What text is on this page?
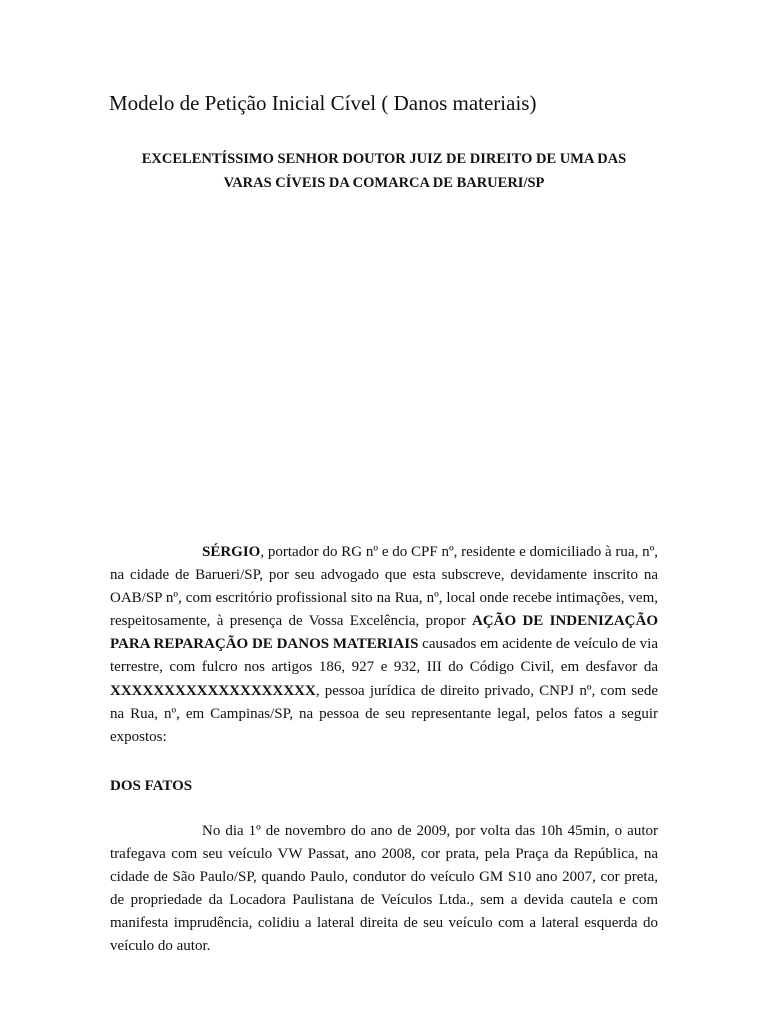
Modelo de Petição Inicial Cível ( Danos materiais)

EXCELENTÍSSIMO SENHOR DOUTOR JUIZ DE DIREITO DE UMA DAS
VARAS CÍVEIS DA COMARCA DE BARUERI/SP

SÉRGIO, portador do RG nº e do CPF nº, residente e domiciliado à rua, nº, na cidade de Barueri/SP, por seu advogado que esta subscreve, devidamente inscrito na OAB/SP nº, com escritório profissional sito na Rua, nº, local onde recebe intimações, vem, respeitosamente, à presença de Vossa Excelência, propor AÇÃO DE INDENIZAÇÃO PARA REPARAÇÃO DE DANOS MATERIAIS causados em acidente de veículo de via terrestre, com fulcro nos artigos 186, 927 e 932, III do Código Civil, em desfavor da XXXXXXXXXXXXXXXXXXX, pessoa jurídica de direito privado, CNPJ nº, com sede na Rua, nº, em Campinas/SP, na pessoa de seu representante legal, pelos fatos a seguir expostos:

DOS FATOS

No dia 1º de novembro do ano de 2009, por volta das 10h 45min, o autor trafegava com seu veículo VW Passat, ano 2008, cor prata, pela Praça da República, na cidade de São Paulo/SP, quando Paulo, condutor do veículo GM S10 ano 2007, cor preta, de propriedade da Locadora Paulistana de Veículos Ltda., sem a devida cautela e com manifesta imprudência, colidiu a lateral direita de seu veículo com a lateral esquerda do veículo do autor.
